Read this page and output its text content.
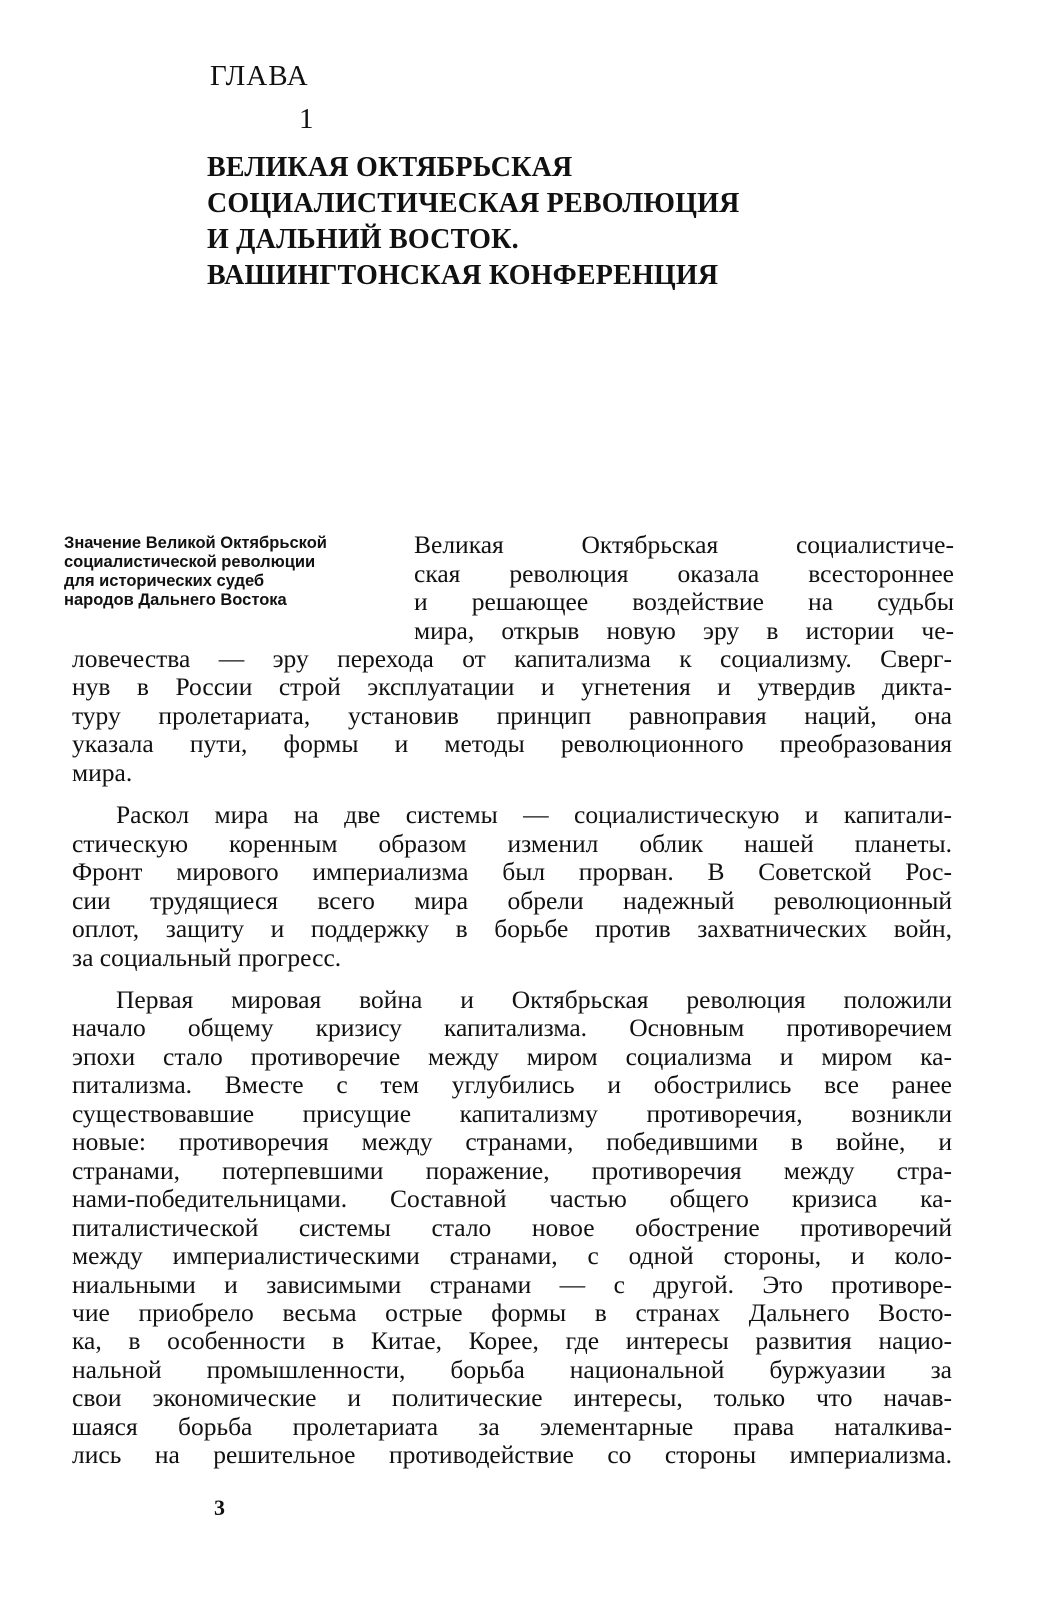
ГЛАВА
1
ВЕЛИКАЯ ОКТЯБРЬСКАЯ
СОЦИАЛИСТИЧЕСКАЯ РЕВОЛЮЦИЯ
И ДАЛЬНИЙ ВОСТОК.
ВАШИНГТОНСКАЯ КОНФЕРЕНЦИЯ
Значение Великой Октябрьской
социалистической революции
для исторических судеб
народов Дальнего Востока
Великая Октябрьская социалистиче-
ская революция оказала всестороннее
и решающее воздействие на судьбы
мира, открыв новую эру в истории че-
ловечества — эру перехода от капитализма к социализму. Сверг-
нув в России строй эксплуатации и угнетения и утвердив дикта-
туру пролетариата, установив принцип равноправия наций, она
указала пути, формы и методы революционного преобразования
мира.
Раскол мира на две системы — социалистическую и капитали-
стическую коренным образом изменил облик нашей планеты.
Фронт мирового империализма был прорван. В Советской Рос-
сии трудящиеся всего мира обрели надежный революционный
оплот, защиту и поддержку в борьбе против захватнических войн,
за социальный прогресс.
Первая мировая война и Октябрьская революция положили
начало общему кризису капитализма. Основным противоречием
эпохи стало противоречие между миром социализма и миром ка-
питализма. Вместе с тем углубились и обострились все ранее
существовавшие присущие капитализму противоречия, возникли
новые: противоречия между странами, победившими в войне, и
странами, потерпевшими поражение, противоречия между стра-
нами-победительницами. Составной частью общего кризиса ка-
питалистической системы стало новое обострение противоречий
между империалистическими странами, с одной стороны, и коло-
ниальными и зависимыми странами — с другой. Это противоре-
чие приобрело весьма острые формы в странах Дальнего Восто-
ка, в особенности в Китае, Корее, где интересы развития нацио-
нальной промышленности, борьба национальной буржуазии за
свои экономические и политические интересы, только что начав-
шаяся борьба пролетариата за элементарные права наталкива-
лись на решительное противодействие со стороны империализма.
3
